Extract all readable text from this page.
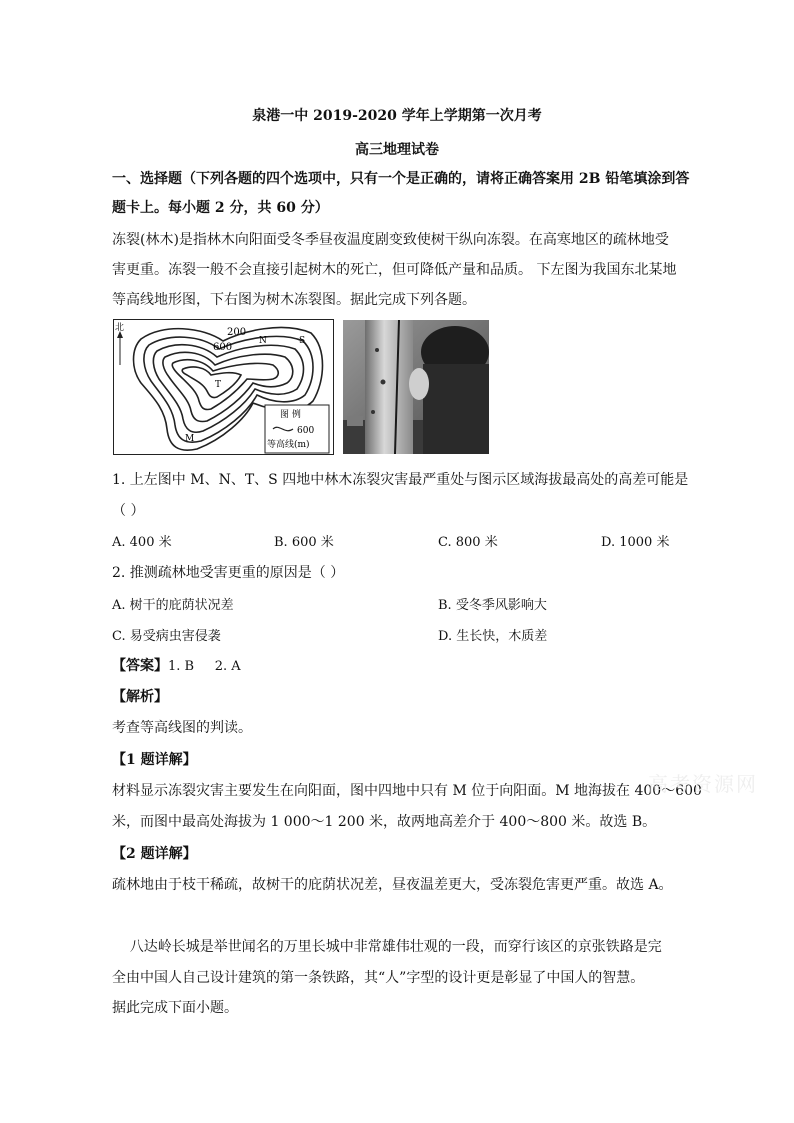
泉港一中 2019-2020 学年上学期第一次月考
高三地理试卷
一、选择题（下列各题的四个选项中，只有一个是正确的，请将正确答案用 2B 铅笔填涂到答
题卡上。每小题 2 分，共 60 分）
冻裂(林木)是指林木向阳面受冬季昼夜温度剧变致使树干纵向冻裂。在高寒地区的疏林地受
害更重。冻裂一般不会直接引起树木的死亡，但可降低产量和品质。 下左图为我国东北某地
等高线地形图，下右图为树木冻裂图。据此完成下列各题。
北	200
600
N	S
T
M
图 例
600
等高线(m)
1. 上左图中 M、N、T、S 四地中林木冻裂灾害最严重处与图示区域海拔最高处的高差可能是
（ ）
A. 400 米	B. 600 米	C. 800 米	D. 1000 米
2. 推测疏林地受害更重的原因是（ ）
A. 树干的庇荫状况差	B. 受冬季风影响大
C. 易受病虫害侵袭	D. 生长快，木质差
【答案】1. B     2. A
【解析】
考查等高线图的判读。
【1 题详解】
材料显示冻裂灾害主要发生在向阳面，图中四地中只有 M 位于向阳面。M 地海拔在 400～600
米，而图中最高处海拔为 1 000～1 200 米，故两地高差介于 400～800 米。故选 B。
【2 题详解】
疏林地由于枝干稀疏，故树干的庇荫状况差，昼夜温差更大，受冻裂危害更严重。故选 A。
八达岭长城是举世闻名的万里长城中非常雄伟壮观的一段，而穿行该区的京张铁路是完
全由中国人自己设计建筑的第一条铁路，其“人”字型的设计更是彰显了中国人的智慧。
据此完成下面小题。
高考资源网
